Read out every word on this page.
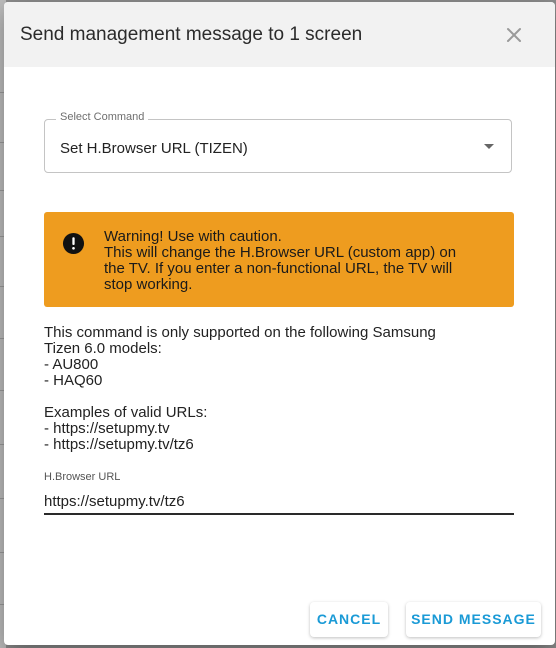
Send management message to 1 screen
Select Command
Set H.Browser URL (TIZEN)
Warning! Use with caution.
This will change the H.Browser URL (custom app) on
the TV. If you enter a non-functional URL, the TV will
stop working.
This command is only supported on the following Samsung
Tizen 6.0 models:
- AU800
- HAQ60
Examples of valid URLs:
- https://setupmy.tv
- https://setupmy.tv/tz6
H.Browser URL
https://setupmy.tv/tz6
CANCEL	SEND MESSAGE
